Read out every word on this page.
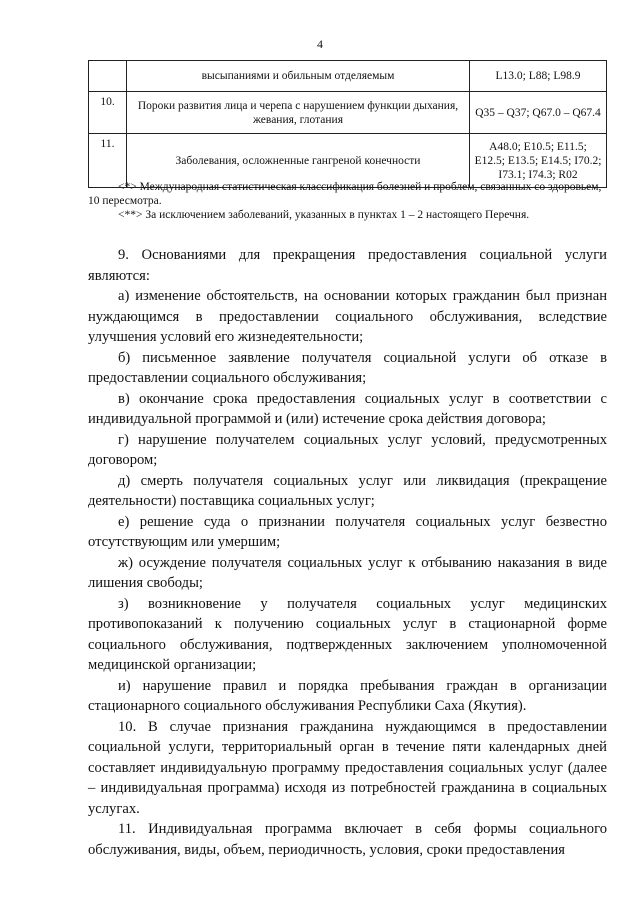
4
	высыпаниями и обильным отделяемым	L13.0; L88; L98.9
10.	Пороки развития лица и черепа с нарушением функции дыхания, жевания, глотания	Q35 – Q37; Q67.0 – Q67.4
11.	Заболевания, осложненные гангреной конечности	A48.0; E10.5; E11.5; E12.5; E13.5; E14.5; I70.2; I73.1; I74.3; R02

<*> Международная статистическая классификация болезней и проблем, связанных со здоровьем, 10 пересмотра.

<**> За исключением заболеваний, указанных в пунктах 1 – 2 настоящего Перечня.

9. Основаниями для прекращения предоставления социальной услуги являются:

а) изменение обстоятельств, на основании которых гражданин был признан нуждающимся в предоставлении социального обслуживания, вследствие улучшения условий его жизнедеятельности;

б) письменное заявление получателя социальной услуги об отказе в предоставлении социального обслуживания;

в) окончание срока предоставления социальных услуг в соответствии с индивидуальной программой и (или) истечение срока действия договора;

г) нарушение получателем социальных услуг условий, предусмотренных договором;

д) смерть получателя социальных услуг или ликвидация (прекращение деятельности) поставщика социальных услуг;

е) решение суда о признании получателя социальных услуг безвестно отсутствующим или умершим;

ж) осуждение получателя социальных услуг к отбыванию наказания в виде лишения свободы;

з) возникновение у получателя социальных услуг медицинских противопоказаний к получению социальных услуг в стационарной форме социального обслуживания, подтвержденных заключением уполномоченной медицинской организации;

и) нарушение правил и порядка пребывания граждан в организации стационарного социального обслуживания Республики Саха (Якутия).

10. В случае признания гражданина нуждающимся в предоставлении социальной услуги, территориальный орган в течение пяти календарных дней составляет индивидуальную программу предоставления социальных услуг (далее – индивидуальная программа) исходя из потребностей гражданина в социальных услугах.

11. Индивидуальная программа включает в себя формы социального обслуживания, виды, объем, периодичность, условия, сроки предоставления
